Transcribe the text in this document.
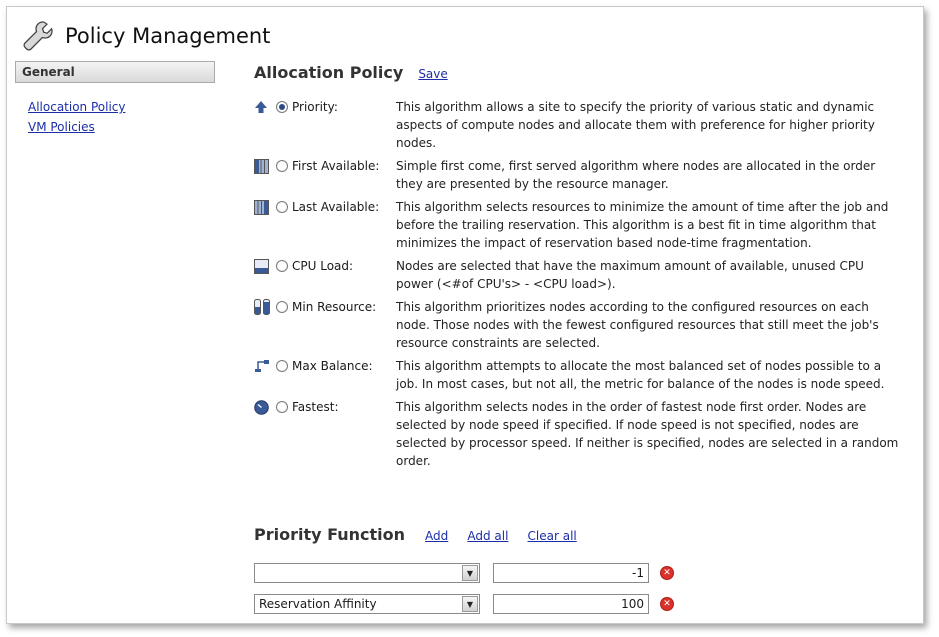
Policy Management
General
Allocation Policy
VM Policies
Allocation Policy Save
Priority:	This algorithm allows a site to specify the priority of various static and dynamic aspects of compute nodes and allocate them with preference for higher priority nodes.
First Available: Simple first come, first served algorithm where nodes are allocated in the order they are presented by the resource manager.
Last Available: This algorithm selects resources to minimize the amount of time after the job and before the trailing reservation. This algorithm is a best fit in time algorithm that minimizes the impact of reservation based node-time fragmentation.
CPU Load:	Nodes are selected that have the maximum amount of available, unused CPU power (<#of CPU's> - <CPU load>).
Min Resource: This algorithm prioritizes nodes according to the configured resources on each node. Those nodes with the fewest configured resources that still meet the job's resource constraints are selected.
Max Balance: This algorithm attempts to allocate the most balanced set of nodes possible to a job. In most cases, but not all, the metric for balance of the nodes is node speed.
Fastest:	This algorithm selects nodes in the order of fastest node first order. Nodes are selected by node speed if specified. If node speed is not specified, nodes are selected by processor speed. If neither is specified, nodes are selected in a random order.
Priority Function	Add Add all Clear all
▼	-1	✕
Reservation Affinity	▼	100	✕
